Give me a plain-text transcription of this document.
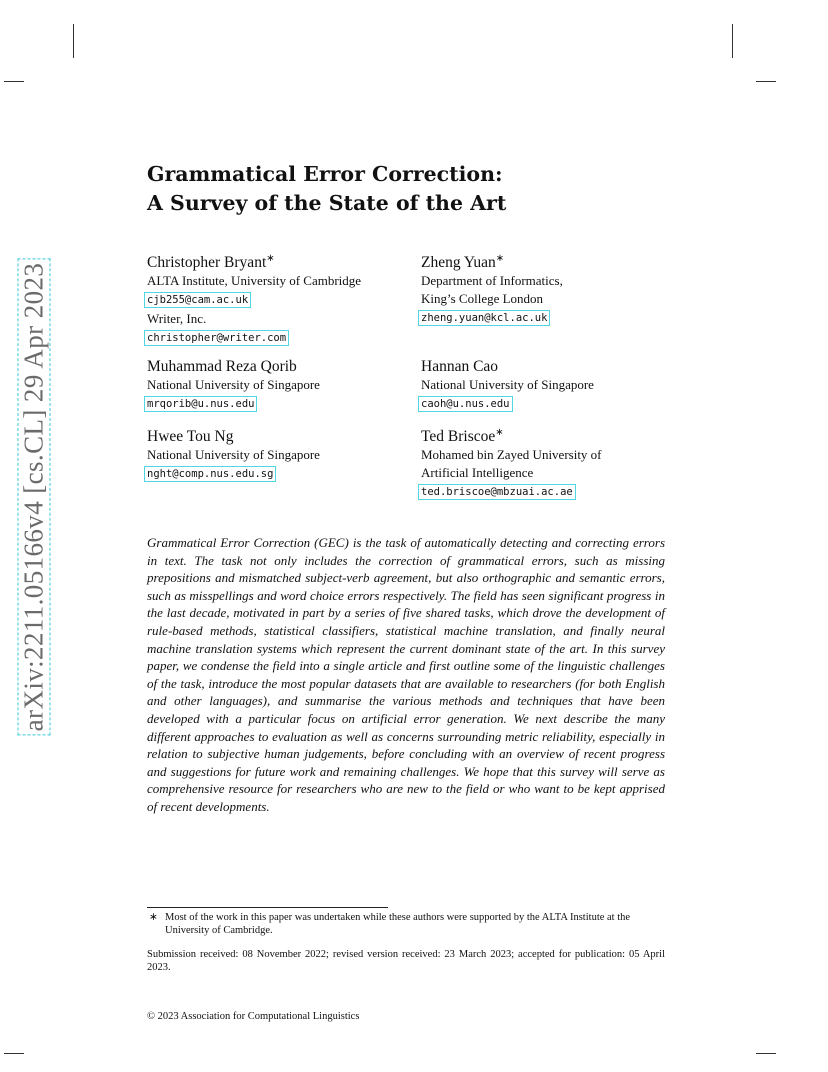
arXiv:2211.05166v4 [cs.CL] 29 Apr 2023
Grammatical Error Correction:
A Survey of the State of the Art
Christopher Bryant∗
ALTA Institute, University of Cambridge
cjb255@cam.ac.uk
Writer, Inc.
christopher@writer.com
Zheng Yuan∗
Department of Informatics,
King’s College London
zheng.yuan@kcl.ac.uk
Muhammad Reza Qorib
National University of Singapore
mrqorib@u.nus.edu
Hannan Cao
National University of Singapore
caoh@u.nus.edu
Hwee Tou Ng
National University of Singapore
nght@comp.nus.edu.sg
Ted Briscoe∗
Mohamed bin Zayed University of
Artificial Intelligence
ted.briscoe@mbzuai.ac.ae
Grammatical Error Correction (GEC) is the task of automatically detecting and correcting errors in text. The task not only includes the correction of grammatical errors, such as missing prepositions and mismatched subject-verb agreement, but also orthographic and semantic errors, such as misspellings and word choice errors respectively. The field has seen significant progress in the last decade, motivated in part by a series of five shared tasks, which drove the development of rule-based methods, statistical classifiers, statistical machine translation, and finally neural machine translation systems which represent the current dominant state of the art. In this survey paper, we condense the field into a single article and first outline some of the linguistic challenges of the task, introduce the most popular datasets that are available to researchers (for both English and other languages), and summarise the various methods and techniques that have been developed with a particular focus on artificial error generation. We next describe the many different approaches to evaluation as well as concerns surrounding metric reliability, especially in relation to subjective human judgements, before concluding with an overview of recent progress and suggestions for future work and remaining challenges. We hope that this survey will serve as comprehensive resource for researchers who are new to the field or who want to be kept apprised of recent developments.
∗ Most of the work in this paper was undertaken while these authors were supported by the ALTA Institute at the University of Cambridge.
Submission received: 08 November 2022; revised version received: 23 March 2023; accepted for publication: 05 April 2023.
© 2023 Association for Computational Linguistics
